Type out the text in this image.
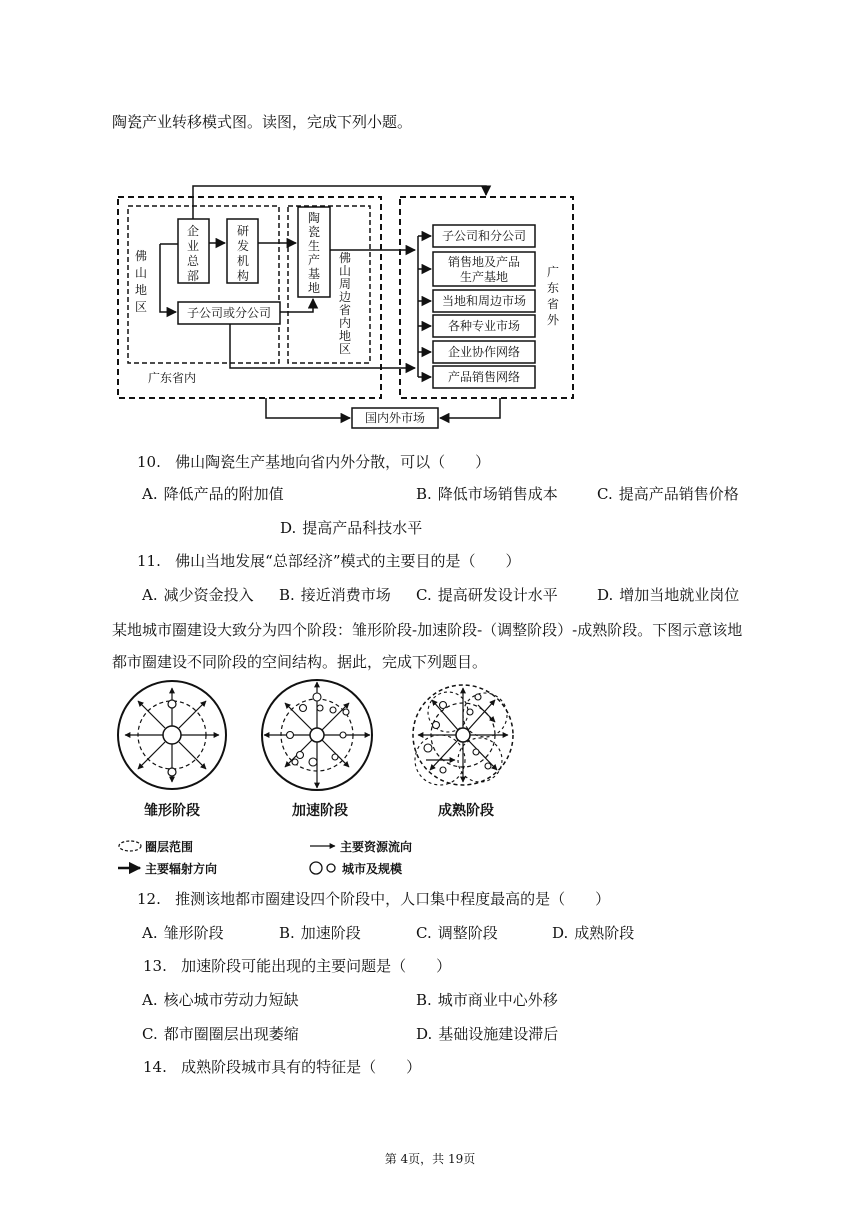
陶瓷产业转移模式图。读图，完成下列小题。
企
业
总
部
研
发
机
构
陶
瓷
生
产
基
地
佛
山
地
区
佛
山
周
边
省
内
地
区
广
东
省
外
子公司或分公司
国内外市场
子公司和分公司
销售地及产品
生产基地
当地和周边市场
各种专业市场
企业协作网络
产品销售网络
广东省内
10. 佛山陶瓷生产基地向省内外分散，可以（　　）
A. 降低产品的附加值	B. 降低市场销售成本	C. 提高产品销售价格
D. 提高产品科技水平
11. 佛山当地发展“总部经济”模式的主要目的是（　　）
A. 减少资金投入 B. 接近消费市场 C. 提高研发设计水平	D. 增加当地就业岗位
某地城市圈建设大致分为四个阶段：雏形阶段-加速阶段-（调整阶段）-成熟阶段。下图示意该地
都市圈建设不同阶段的空间结构。据此，完成下列题目。
雏形阶段	加速阶段	成熟阶段
圈层范围	主要资源流向
主要辐射方向	城市及规模
12. 推测该地都市圈建设四个阶段中，人口集中程度最高的是（　　）
A. 雏形阶段	B. 加速阶段	C. 调整阶段	D. 成熟阶段
13. 加速阶段可能出现的主要问题是（　　）
A. 核心城市劳动力短缺	B. 城市商业中心外移
C. 都市圈圈层出现萎缩	D. 基础设施建设滞后
14. 成熟阶段城市具有的特征是（　　）
第 4页，共 19页
